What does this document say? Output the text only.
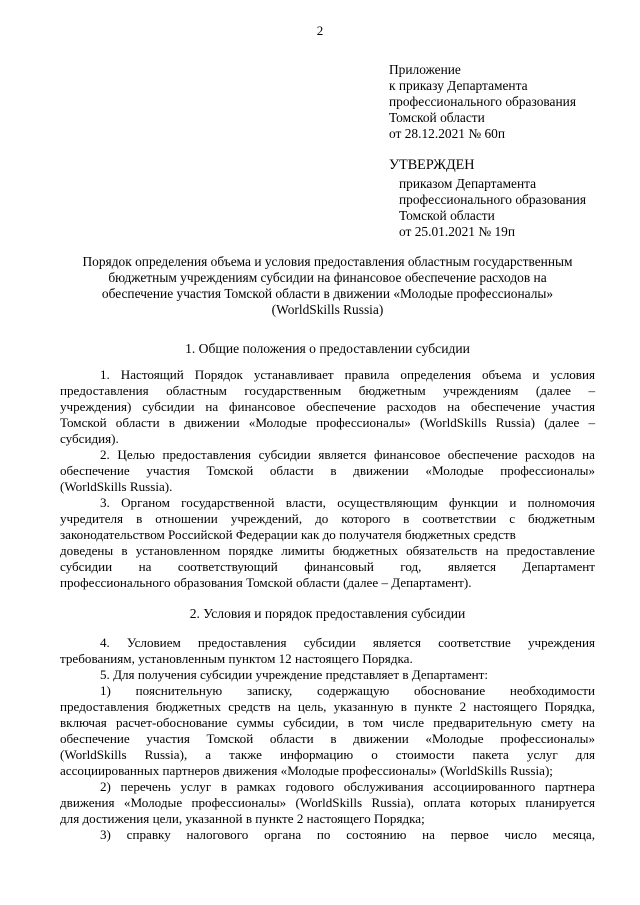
2
Приложение
к приказу Департамента
профессионального образования
Томской области
от 28.12.2021 № 60п
УТВЕРЖДЕН
приказом Департамента
профессионального образования
Томской области
от 25.01.2021 № 19п
Порядок определения объема и условия предоставления областным государственным
бюджетным учреждениям субсидии на финансовое обеспечение расходов на
обеспечение участия Томской области в движении «Молодые профессионалы»
(WorldSkills Russia)
1. Общие положения о предоставлении субсидии
1. Настоящий Порядок устанавливает правила определения объема и условия
предоставления областным государственным бюджетным учреждениям (далее –
учреждения) субсидии на финансовое обеспечение расходов на обеспечение участия
Томской области в движении «Молодые профессионалы» (WorldSkills Russia) (далее –
субсидия).
2. Целью предоставления субсидии является финансовое обеспечение расходов на
обеспечение участия Томской области в движении «Молодые профессионалы»
(WorldSkills Russia).
3. Органом государственной власти, осуществляющим функции и полномочия
учредителя в отношении учреждений, до которого в соответствии с бюджетным
законодательством Российской Федерации как до получателя бюджетных средств
доведены в установленном порядке лимиты бюджетных обязательств на предоставление
субсидии на соответствующий финансовый год, является Департамент
профессионального образования Томской области (далее – Департамент).
2. Условия и порядок предоставления субсидии
4. Условием предоставления субсидии является соответствие учреждения
требованиям, установленным пунктом 12 настоящего Порядка.
5. Для получения субсидии учреждение представляет в Департамент:
1) пояснительную записку, содержащую обоснование необходимости
предоставления бюджетных средств на цель, указанную в пункте 2 настоящего Порядка,
включая расчет-обоснование суммы субсидии, в том числе предварительную смету на
обеспечение участия Томской области в движении «Молодые профессионалы»
(WorldSkills Russia), а также информацию о стоимости пакета услуг для
ассоциированных партнеров движения «Молодые профессионалы» (WorldSkills Russia);
2) перечень услуг в рамках годового обслуживания ассоциированного партнера
движения «Молодые профессионалы» (WorldSkills Russia), оплата которых планируется
для достижения цели, указанной в пункте 2 настоящего Порядка;
3) справку налогового органа по состоянию на первое число месяца,
